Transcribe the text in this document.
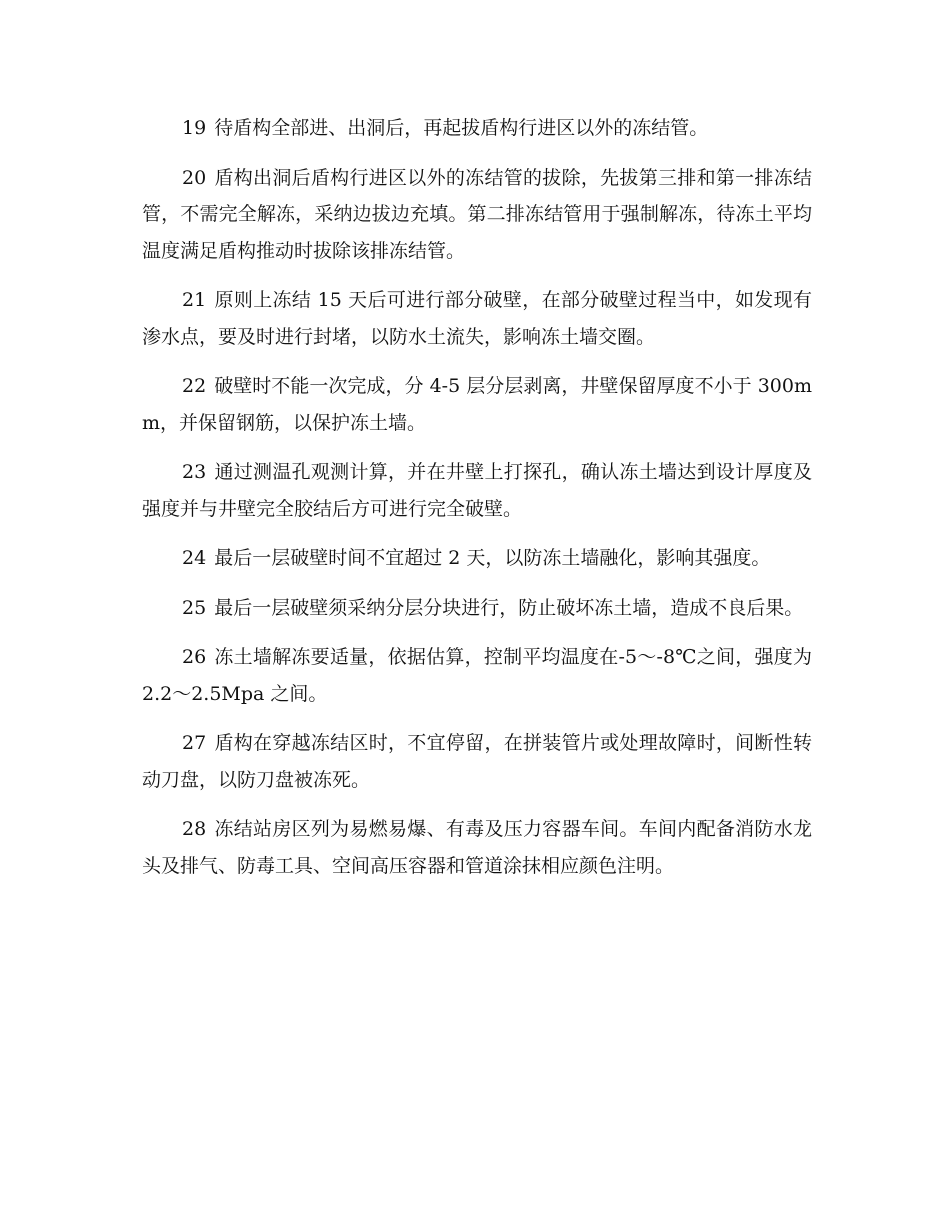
19 待盾构全部进、出洞后，再起拔盾构行进区以外的冻结管。

20 盾构出洞后盾构行进区以外的冻结管的拔除，先拔第三排和第一排冻结管，不需完全解冻，采纳边拔边充填。第二排冻结管用于强制解冻，待冻土平均温度满足盾构推动时拔除该排冻结管。

21 原则上冻结 15 天后可进行部分破壁，在部分破壁过程当中，如发现有渗水点，要及时进行封堵，以防水土流失，影响冻土墙交圈。

22 破壁时不能一次完成，分 4-5 层分层剥离，井壁保留厚度不小于 300mm，并保留钢筋，以保护冻土墙。

23 通过测温孔观测计算，并在井壁上打探孔，确认冻土墙达到设计厚度及强度并与井壁完全胶结后方可进行完全破壁。

24 最后一层破壁时间不宜超过 2 天，以防冻土墙融化，影响其强度。

25 最后一层破壁须采纳分层分块进行，防止破坏冻土墙，造成不良后果。

26 冻土墙解冻要适量，依据估算，控制平均温度在-5～-8℃之间，强度为 2.2～2.5Mpa 之间。

27 盾构在穿越冻结区时，不宜停留，在拼装管片或处理故障时，间断性转动刀盘，以防刀盘被冻死。

28 冻结站房区列为易燃易爆、有毒及压力容器车间。车间内配备消防水龙头及排气、防毒工具、空间高压容器和管道涂抹相应颜色注明。
